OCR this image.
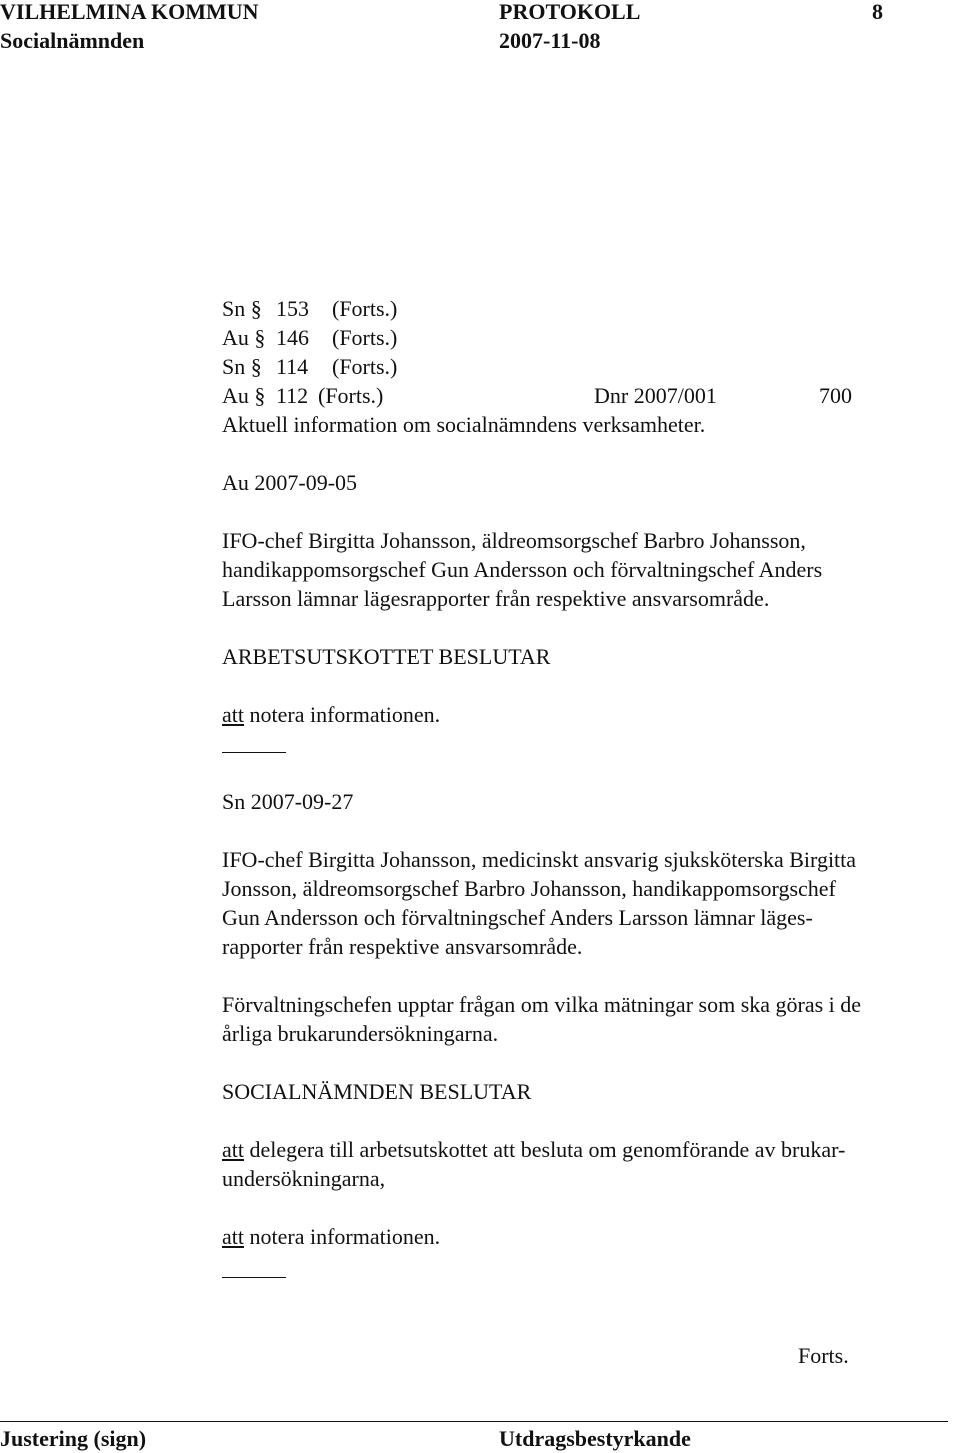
VILHELMINA KOMMUN	PROTOKOLL	8
Socialnämnden	2007-11-08
Sn § 153 (Forts.)
Au § 146 (Forts.)
Sn § 114 (Forts.)
Au § 112 (Forts.)	Dnr 2007/001	700
Aktuell information om socialnämndens verksamheter.
Au 2007-09-05
IFO-chef Birgitta Johansson, äldreomsorgschef Barbro Johansson,
handikappomsorgschef Gun Andersson och förvaltningschef Anders
Larsson lämnar lägesrapporter från respektive ansvarsområde.
ARBETSUTSKOTTET BESLUTAR
att notera informationen.
Sn 2007-09-27
IFO-chef Birgitta Johansson, medicinskt ansvarig sjuksköterska Birgitta
Jonsson, äldreomsorgschef Barbro Johansson, handikappomsorgschef
Gun Andersson och förvaltningschef Anders Larsson lämnar läges-
rapporter från respektive ansvarsområde.
Förvaltningschefen upptar frågan om vilka mätningar som ska göras i de
årliga brukarundersökningarna.
SOCIALNÄMNDEN BESLUTAR
att delegera till arbetsutskottet att besluta om genomförande av brukar-
undersökningarna,
att notera informationen.
Forts.
Justering (sign)	Utdragsbestyrkande
